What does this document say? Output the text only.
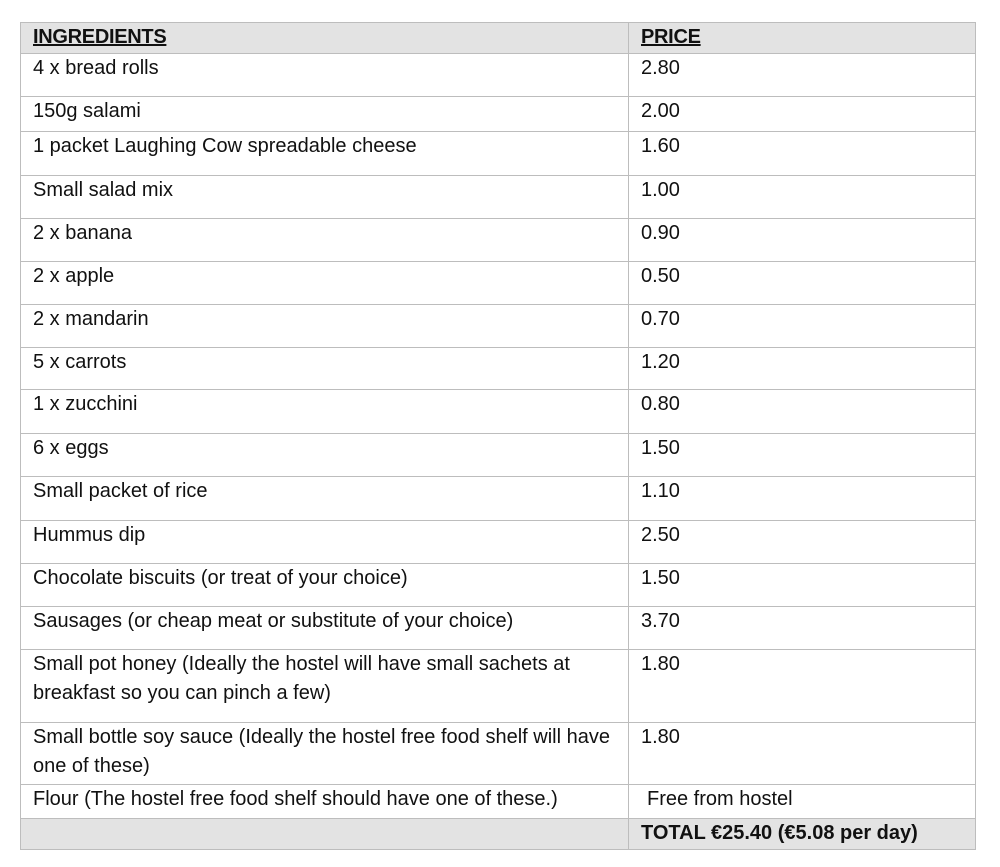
INGREDIENTS	PRICE
4 x bread rolls	2.80
150g salami	2.00
1 packet Laughing Cow spreadable cheese	1.60
Small salad mix	1.00
2 x banana	0.90
2 x apple	0.50
2 x mandarin	0.70
5 x carrots	1.20
1 x zucchini	0.80
6 x eggs	1.50
Small packet of rice	1.10
Hummus dip	2.50
Chocolate biscuits (or treat of your choice)	1.50
Sausages (or cheap meat or substitute of your choice)	3.70
Small pot honey (Ideally the hostel will have small sachets at breakfast so you can pinch a few)	1.80
Small bottle soy sauce (Ideally the hostel free food shelf will have one of these)	1.80
Flour (The hostel free food shelf should have one of these.)	Free from hostel
	TOTAL €25.40 (€5.08 per day)
